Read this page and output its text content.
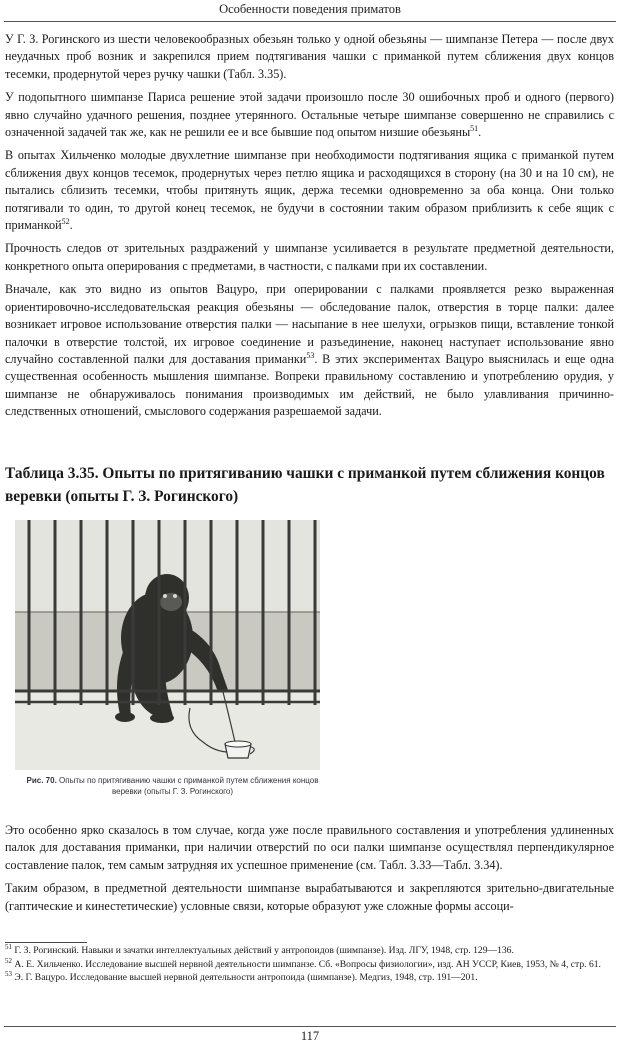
Особенности поведения приматов

У Г. З. Рогинского из шести человекообразных обезьян только у одной обезьяны — шимпанзе Петера — после двух неудачных проб возник и закрепился прием подтягивания чашки с приманкой путем сближения двух концов тесемки, продернутой через ручку чашки (Табл. 3.35).

У подопытного шимпанзе Париса решение этой задачи произошло после 30 ошибочных проб и одного (первого) явно случайно удачного решения, позднее утерянного. Остальные четыре шимпанзе совершенно не справились с означенной задачей так же, как не решили ее и все бывшие под опытом низшие обезьяны$^{51}$.

В опытах Хильченко молодые двухлетние шимпанзе при необходимости подтягивания ящика с приманкой путем сближения двух концов тесемок, продернутых через петлю ящика и расходящихся в сторону (на 30 и на 10 см), не пытались сблизить тесемки, чтобы притянуть ящик, держа тесемки одновременно за оба конца. Они только потягивали то один, то другой конец тесемок, не будучи в состоянии таким образом приблизить к себе ящик с приманкой$^{52}$.

Прочность следов от зрительных раздражений у шимпанзе усиливается в результате предметной деятельности, конкретного опыта оперирования с предметами, в частности, с палками при их составлении.

Вначале, как это видно из опытов Вацуро, при оперировании с палками проявляется резко выраженная ориентировочно-исследовательская реакция обезьяны — обследование палок, отверстия в торце палки: далее возникает игровое использование отверстия палки — насыпание в нее шелухи, огрызков пищи, вставление тонкой палочки в отверстие толстой, их игровое соединение и разъединение, наконец наступает использование явно случайно составленной палки для доставания приманки$^{53}$. В этих экспериментах Вацуро выяснилась и еще одна существенная особенность мышления шимпанзе. Вопреки правильному составлению и употреблению орудия, у шимпанзе не обнаруживалось понимания производимых им действий, не было улавливания причинно-следственных отношений, смыслового содержания разрешаемой задачи.

Таблица 3.35. Опыты по притягиванию чашки с приманкой путем сближения концов веревки (опыты Г. З. Рогинского)
Рис. 70. Опыты по притягиванию чашки с приманкой путем сближения концов веревки (опыты Г. З. Рогинского)

Это особенно ярко сказалось в том случае, когда уже после правильного составления и употребления удлиненных палок для доставания приманки, при наличии отверстий по оси палки шимпанзе осуществлял перпендикулярное составление палок, тем самым затрудняя их успешное применение (см. Табл. 3.33—Табл. 3.34).

Таким образом, в предметной деятельности шимпанзе вырабатываются и закрепляются зрительно-двигательные (гаптические и кинестетические) условные связи, которые образуют уже сложные формы ассоци-

$^{51}$ Г. З. Рогинский. Навыки и зачатки интеллектуальных действий у антропоидов (шимпанзе). Изд. ЛГУ, 1948, стр. 129—136.

$^{52}$ А. Е. Хильченко. Исследование высшей нервной деятельности шимпанзе. Сб. «Вопросы физиологии», изд. АН УССР, Киев, 1953, № 4, стр. 61.

$^{53}$ Э. Г. Вацуро. Исследование высшей нервной деятельности антропоида (шимпанзе). Медгиз, 1948, стр. 191—201.

117
